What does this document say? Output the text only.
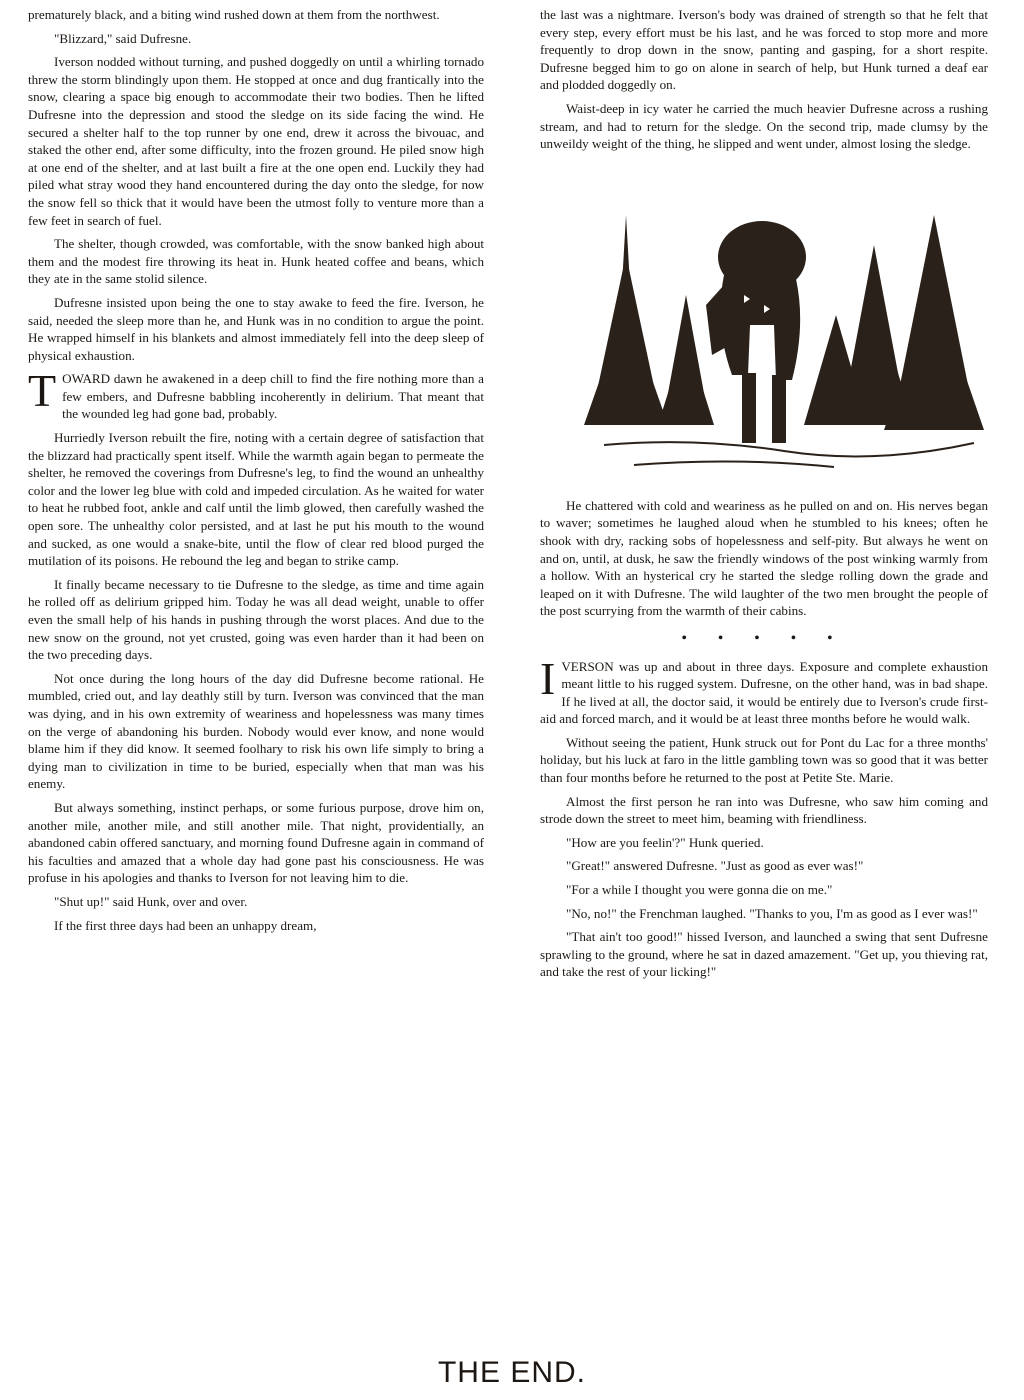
prematurely black, and a biting wind rushed down at them from the northwest.

"Blizzard," said Dufresne.

Iverson nodded without turning, and pushed doggedly on until a whirling tornado threw the storm blindingly upon them. He stopped at once and dug frantically into the snow, clearing a space big enough to accommodate their two bodies. Then he lifted Dufresne into the depression and stood the sledge on its side facing the wind. He secured a shelter half to the top runner by one end, drew it across the bivouac, and staked the other end, after some difficulty, into the frozen ground. He piled snow high at one end of the shelter, and at last built a fire at the one open end. Luckily they had piled what stray wood they hand encountered during the day onto the sledge, for now the snow fell so thick that it would have been the utmost folly to venture more than a few feet in search of fuel.

The shelter, though crowded, was comfortable, with the snow banked high about them and the modest fire throwing its heat in. Hunk heated coffee and beans, which they ate in the same stolid silence.

Dufresne insisted upon being the one to stay awake to feed the fire. Iverson, he said, needed the sleep more than he, and Hunk was in no condition to argue the point. He wrapped himself in his blankets and almost immediately fell into the deep sleep of physical exhaustion.

TOWARD dawn he awakened in a deep chill to find the fire nothing more than a few embers, and Dufresne babbling incoherently in delirium. That meant that the wounded leg had gone bad, probably.

Hurriedly Iverson rebuilt the fire, noting with a certain degree of satisfaction that the blizzard had practically spent itself. While the warmth again began to permeate the shelter, he removed the coverings from Dufresne's leg, to find the wound an unhealthy color and the lower leg blue with cold and impeded circulation. As he waited for water to heat he rubbed foot, ankle and calf until the limb glowed, then carefully washed the open sore. The unhealthy color persisted, and at last he put his mouth to the wound and sucked, as one would a snake-bite, until the flow of clear red blood purged the mutilation of its poisons. He rebound the leg and began to strike camp.

It finally became necessary to tie Dufresne to the sledge, as time and time again he rolled off as delirium gripped him. Today he was all dead weight, unable to offer even the small help of his hands in pushing through the worst places. And due to the new snow on the ground, not yet crusted, going was even harder than it had been on the two preceding days.

Not once during the long hours of the day did Dufresne become rational. He mumbled, cried out, and lay deathly still by turn. Iverson was convinced that the man was dying, and in his own extremity of weariness and hopelessness was many times on the verge of abandoning his burden. Nobody would ever know, and none would blame him if they did know. It seemed foolhary to risk his own life simply to bring a dying man to civilization in time to be buried, especially when that man was his enemy.

But always something, instinct perhaps, or some furious purpose, drove him on, another mile, another mile, and still another mile. That night, providentially, an abandoned cabin offered sanctuary, and morning found Dufresne again in command of his faculties and amazed that a whole day had gone past his consciousness. He was profuse in his apologies and thanks to Iverson for not leaving him to die.

"Shut up!" said Hunk, over and over.

If the first three days had been an unhappy dream,

the last was a nightmare. Iverson's body was drained of strength so that he felt that every step, every effort must be his last, and he was forced to stop more and more frequently to drop down in the snow, panting and gasping, for a short respite. Dufresne begged him to go on alone in search of help, but Hunk turned a deaf ear and plodded doggedly on.

Waist-deep in icy water he carried the much heavier Dufresne across a rushing stream, and had to return for the sledge. On the second trip, made clumsy by the unweildy weight of the thing, he slipped and went under, almost losing the sledge.

He chattered with cold and weariness as he pulled on and on. His nerves began to waver; sometimes he laughed aloud when he stumbled to his knees; often he shook with dry, racking sobs of hopelessness and self-pity. But always he went on and on, until, at dusk, he saw the friendly windows of the post winking warmly from a hollow. With an hysterical cry he started the sledge rolling down the grade and leaped on it with Dufresne. The wild laughter of the two men brought the people of the post scurrying from the warmth of their cabins.

• • • • •

IVERSON was up and about in three days. Exposure and complete exhaustion meant little to his rugged system. Dufresne, on the other hand, was in bad shape. If he lived at all, the doctor said, it would be entirely due to Iverson's crude first-aid and forced march, and it would be at least three months before he would walk.

Without seeing the patient, Hunk struck out for Pont du Lac for a three months' holiday, but his luck at faro in the little gambling town was so good that it was better than four months before he returned to the post at Petite Ste. Marie.

Almost the first person he ran into was Dufresne, who saw him coming and strode down the street to meet him, beaming with friendliness.

"How are you feelin'?" Hunk queried.

"Great!" answered Dufresne. "Just as good as ever was!"

"For a while I thought you were gonna die on me."

"No, no!" the Frenchman laughed. "Thanks to you, I'm as good as I ever was!"

"That ain't too good!" hissed Iverson, and launched a swing that sent Dufresne sprawling to the ground, where he sat in dazed amazement. "Get up, you thieving rat, and take the rest of your licking!"

THE END.
